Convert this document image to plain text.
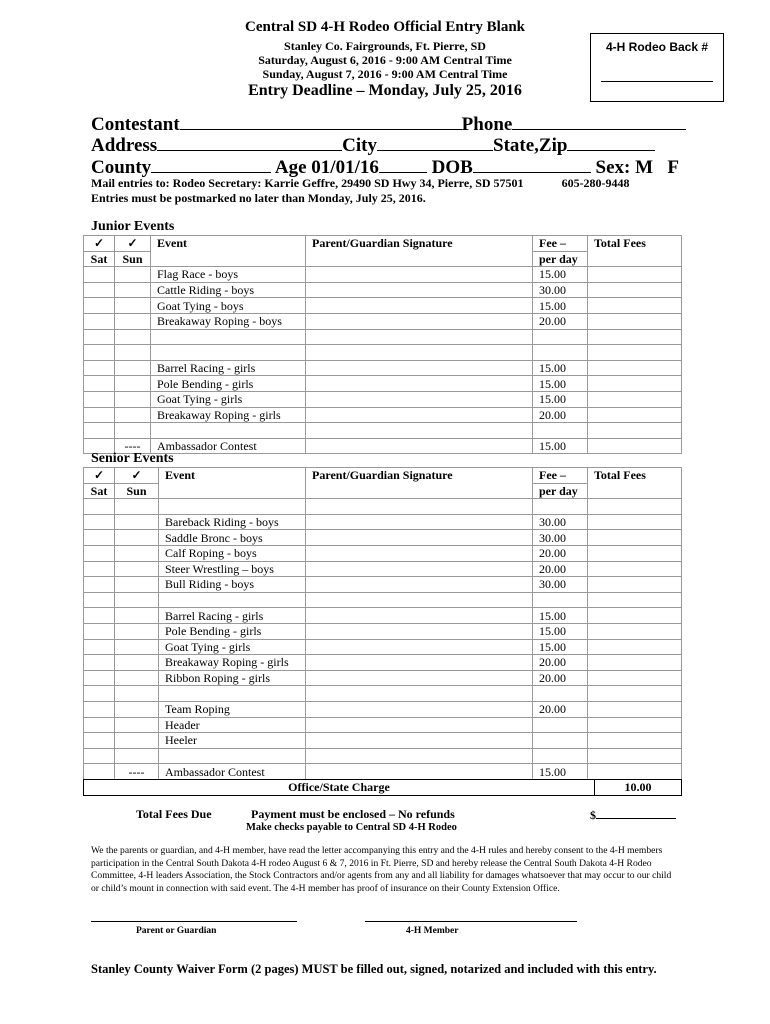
Central SD 4-H Rodeo Official Entry Blank
Stanley Co. Fairgrounds, Ft. Pierre, SD
Saturday, August 6, 2016 - 9:00 AM Central Time
Sunday, August 7, 2016 - 9:00 AM Central Time
Entry Deadline – Monday, July 25, 2016
4-H Rodeo Back #
Contestant	Phone
Address	City	State,Zip
County	Age 01/01/16	DOB	Sex: M F
Mail entries to: Rodeo Secretary: Karrie Geffre, 29490 SD Hwy 34, Pierre, SD 57501	605-280-9448
Entries must be postmarked no later than Monday, July 25, 2016.
Junior Events
✓	✓	Event	Parent/Guardian Signature	Fee –	Total Fees
Sat	Sun			per day	
		Flag Race - boys		15.00	
		Cattle Riding - boys		30.00	
		Goat Tying - boys		15.00	
		Breakaway Roping - boys		20.00	

		Barrel Racing - girls		15.00	
		Pole Bending - girls		15.00	
		Goat Tying - girls		15.00	
		Breakaway Roping - girls		20.00	

	----	Ambassador Contest		15.00	
Senior Events
✓	✓	Event	Parent/Guardian Signature	Fee –	Total Fees
Sat	Sun			per day	

		Bareback Riding - boys		30.00	
		Saddle Bronc - boys		30.00	
		Calf Roping - boys		20.00	
		Steer Wrestling – boys		20.00	
		Bull Riding - boys		30.00	

		Barrel Racing - girls		15.00	
		Pole Bending - girls		15.00	
		Goat Tying - girls		15.00	
		Breakaway Roping - girls		20.00	
		Ribbon Roping - girls		20.00	

		Team Roping		20.00	
		Header			
		Heeler			

	----	Ambassador Contest		15.00	
Office/State Charge	10.00
Total Fees Due	Payment must be enclosed – No refunds	$
Make checks payable to Central SD 4-H Rodeo
We the parents or guardian, and 4-H member, have read the letter accompanying this entry and the 4-H rules and hereby consent to the 4-H members participation in the Central South Dakota 4-H rodeo August 6 & 7, 2016 in Ft. Pierre, SD and hereby release the Central South Dakota 4-H Rodeo Committee, 4-H leaders Association, the Stock Contractors and/or agents from any and all liability for damages whatsoever that may occur to our child or child’s mount in connection with said event. The 4-H member has proof of insurance on their County Extension Office.
Parent or Guardian	4-H Member
Stanley County Waiver Form (2 pages) MUST be filled out, signed, notarized and included with this entry.
